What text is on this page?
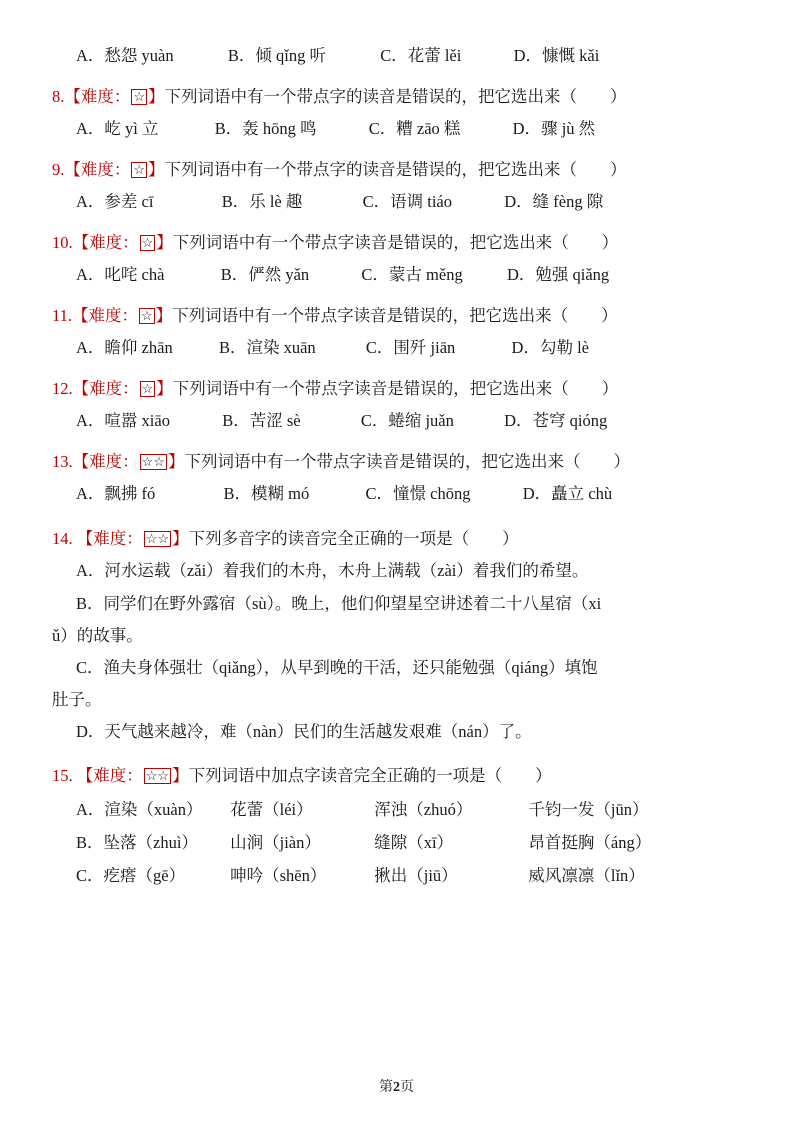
A．愁怨 yuàn	B．倾 qǐng 听	C．花蕾 lěi	D．慷慨 kǎi
8.【难度： ☆ 】下列词语中有一个带点字的读音是错误的，把它选出来（　　）
A．屹 yì 立	B．轰 hōng 鸣	C．糟 zāo 糕	D．骤 jù 然
9.【难度： ☆ 】下列词语中有一个带点字的读音是错误的，把它选出来（　　）
A．参差 cī	B．乐 lè 趣	C．语调 tiáo	D．缝 fèng 隙
10.【难度： ☆ 】下列词语中有一个带点字读音是错误的，把它选出来（　　）
A．叱咤 chà	B．俨然 yǎn	C．蒙古 měng	D．勉强 qiǎng
11.【难度： ☆ 】下列词语中有一个带点字读音是错误的，把它选出来（　　）
A．瞻仰 zhān	B．渲染 xuān	C．围歼 jiān	D．勾勒 lè
12.【难度： ☆ 】下列词语中有一个带点字读音是错误的，把它选出来（　　）
A．喧嚣 xiāo	B．苦涩 sè	C．蜷缩 juǎn	D．苍穹 qióng
13.【难度： ☆☆ 】下列词语中有一个带点字读音是错误的，把它选出来（　　）
A．飘拂 fó	B．模糊 mó	C．憧憬 chōng	D．矗立 chù
14. 【难度： ☆☆ 】下列多音字的读音完全正确的一项是（　　）
A．河水运载（zǎi）着我们的木舟，木舟上满载（zài）着我们的希望。
B．同学们在野外露宿（sù）。晚上，他们仰望星空讲述着二十八星宿（xi
ǔ）的故事。
C．渔夫身体强壮（qiǎng），从早到晚的干活，还只能勉强（qiáng）填饱
肚子。
D．天气越来越冷，难（nàn）民们的生活越发艰难（nán）了。
15. 【难度： ☆☆ 】下列词语中加点字读音完全正确的一项是（　　）
A．渲染（xuàn） 花蕾（léi）	浑浊（zhuó）	千钧一发（jūn）
B．坠落（zhuì） 山涧（jiàn）	缝隙（xī）	昂首挺胸（áng）
C．疙瘩（gē）	呻吟（shēn）	揪出（jiū）	威风凛凛（lǐn）
第2页
